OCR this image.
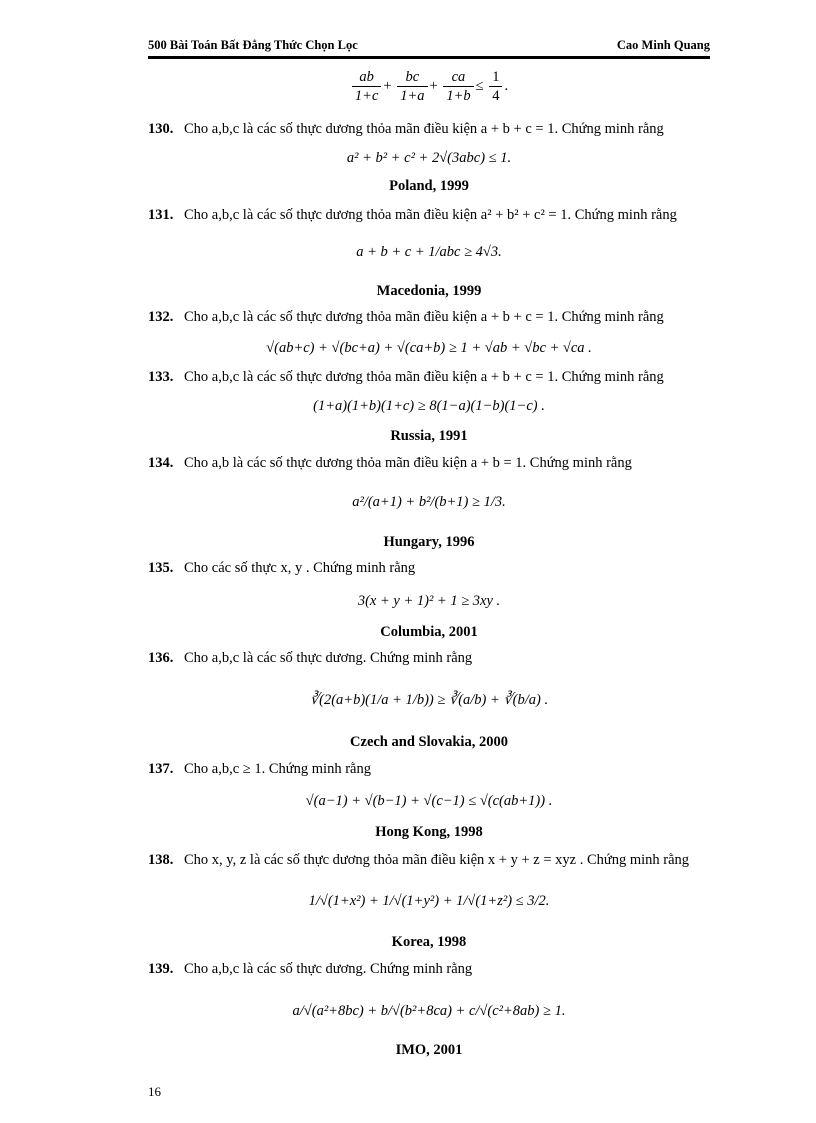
500 Bài Toán Bất Đẳng Thức Chọn Lọc	Cao Minh Quang
$\frac{ab}{1+c} + \frac{bc}{1+a} + \frac{ca}{1+b} \le \frac{1}{4}$ .
130. Cho a,b,c là các số thực dương thỏa mãn điều kiện a + b + c = 1. Chứng minh rằng
a² + b² + c² + 2√(3abc) ≤ 1.
Poland, 1999
131. Cho a,b,c là các số thực dương thỏa mãn điều kiện a² + b² + c² = 1. Chứng minh rằng
a + b + c + 1/abc ≥ 4√3.
Macedonia, 1999
132. Cho a,b,c là các số thực dương thỏa mãn điều kiện a + b + c = 1. Chứng minh rằng
√(ab+c) + √(bc+a) + √(ca+b) ≥ 1 + √ab + √bc + √ca .
133. Cho a,b,c là các số thực dương thỏa mãn điều kiện a + b + c = 1. Chứng minh rằng
(1+a)(1+b)(1+c) ≥ 8(1−a)(1−b)(1−c) .
Russia, 1991
134. Cho a,b là các số thực dương thỏa mãn điều kiện a + b = 1. Chứng minh rằng
a²/(a+1) + b²/(b+1) ≥ 1/3.
Hungary, 1996
135. Cho các số thực x, y . Chứng minh rằng
3(x + y + 1)² + 1 ≥ 3xy .
Columbia, 2001
136. Cho a,b,c là các số thực dương. Chứng minh rằng
∛(2(a+b)(1/a + 1/b)) ≥ ∛(a/b) + ∛(b/a) .
Czech and Slovakia, 2000
137. Cho a,b,c ≥ 1. Chứng minh rằng
√(a−1) + √(b−1) + √(c−1) ≤ √(c(ab+1)) .
Hong Kong, 1998
138. Cho x, y, z là các số thực dương thỏa mãn điều kiện x + y + z = xyz . Chứng minh rằng
1/√(1+x²) + 1/√(1+y²) + 1/√(1+z²) ≤ 3/2.
Korea, 1998
139. Cho a,b,c là các số thực dương. Chứng minh rằng
a/√(a²+8bc) + b/√(b²+8ca) + c/√(c²+8ab) ≥ 1.
IMO, 2001
16
